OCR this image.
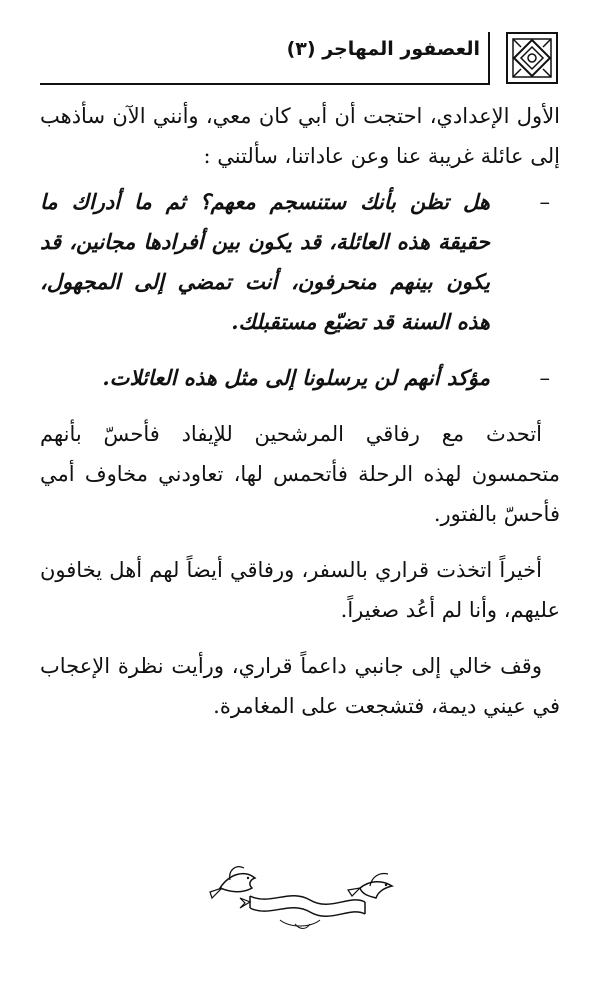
العصفور المهاجر (٣)

الأول الإعدادي، احتجت أن أبي كان معي، وأنني الآن سأذهب إلى عائلة غريبة عنا وعن عاداتنا، سألتني :

–
هل تظن بأنك ستنسجم معهم؟ ثم ما أدراك ما حقيقة هذه العائلة، قد يكون بين أفرادها مجانين، قد يكون بينهم منحرفون، أنت تمضي إلى المجهول، هذه السنة قد تضيّع مستقبلك.
–
مؤكد أنهم لن يرسلونا إلى مثل هذه العائلات.

أتحدث مع رفاقي المرشحين للإيفاد فأحسّ بأنهم متحمسون لهذه الرحلة فأتحمس لها، تعاودني مخاوف أمي فأحسّ بالفتور.

أخيراً اتخذت قراري بالسفر، ورفاقي أيضاً لهم أهل يخافون عليهم، وأنا لم أعُد صغيراً.

وقف خالي إلى جانبي داعماً قراري، ورأيت نظرة الإعجاب في عيني ديمة، فتشجعت على المغامرة.
